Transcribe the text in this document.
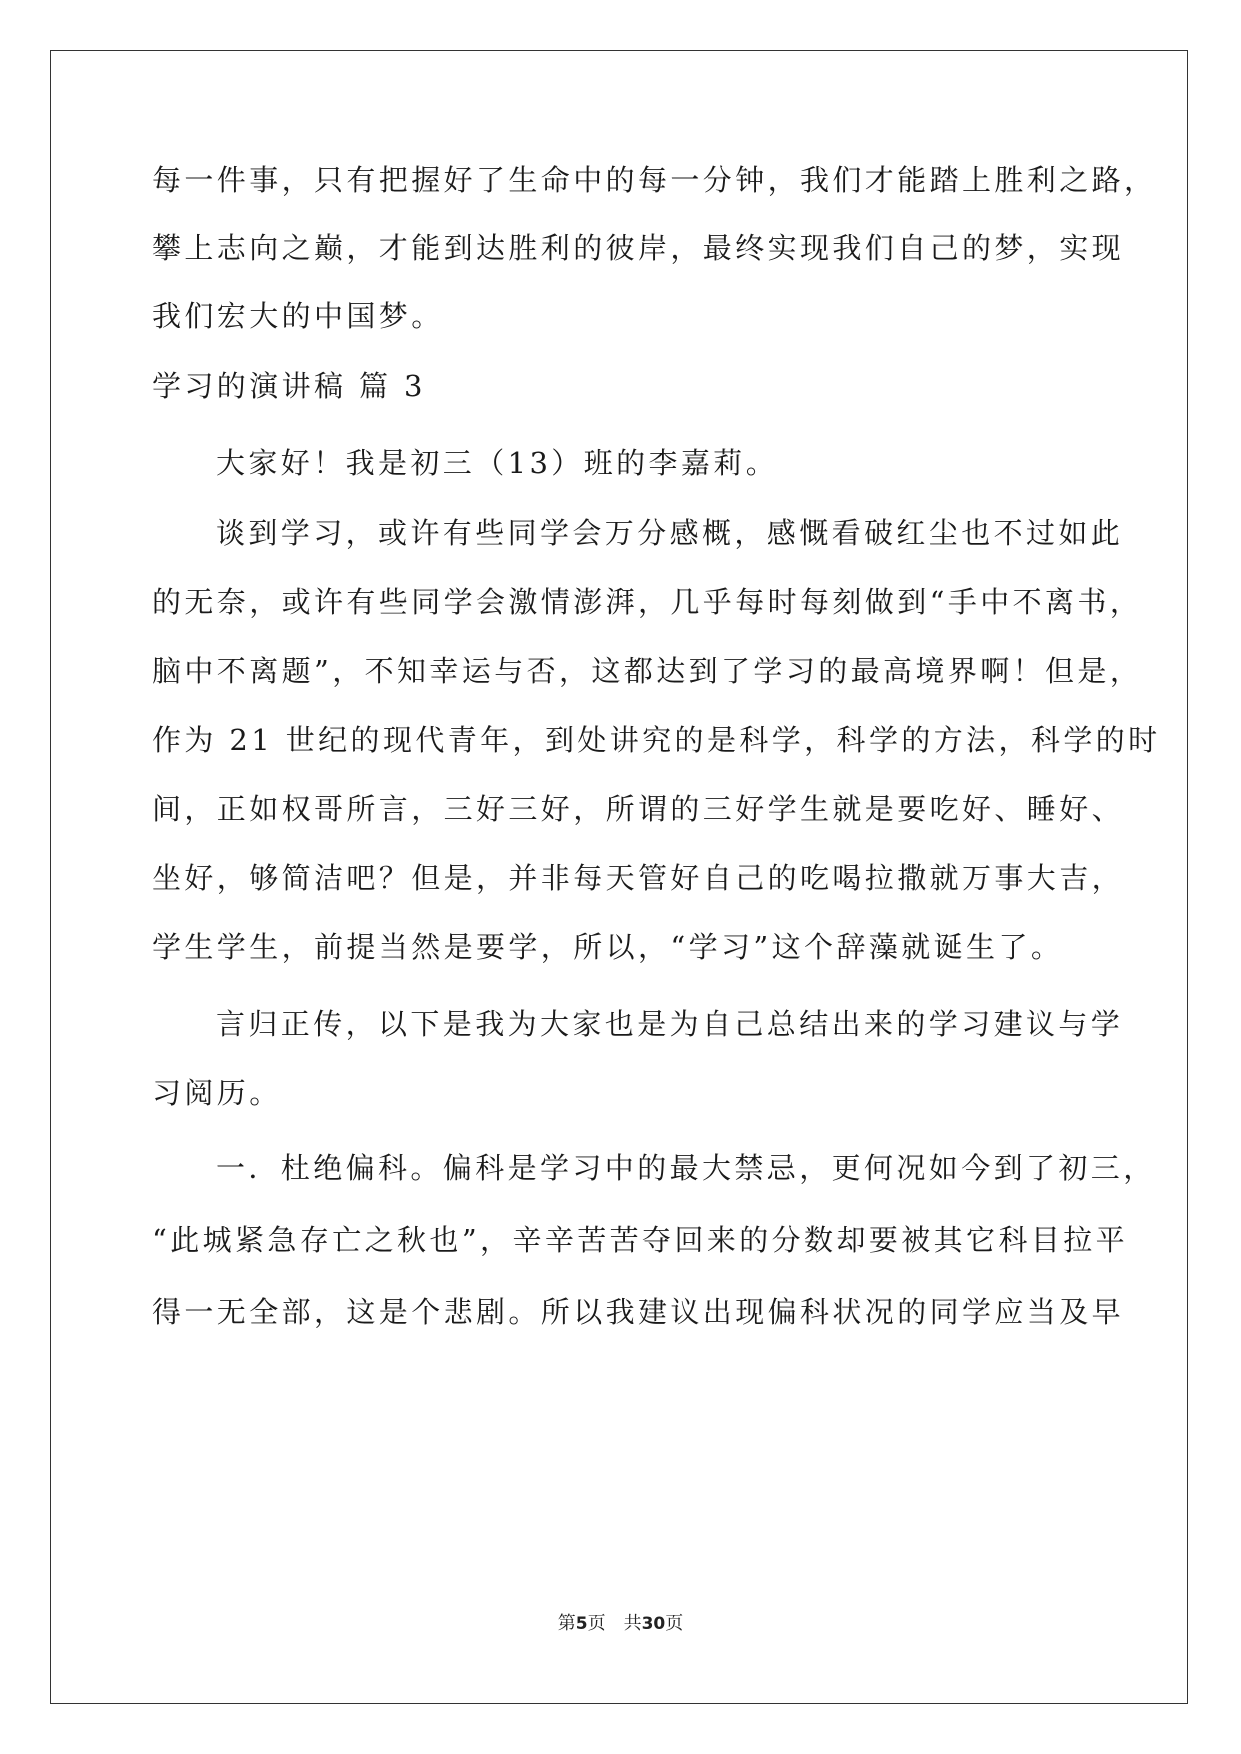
每一件事，只有把握好了生命中的每一分钟，我们才能踏上胜利之路，
攀上志向之巅，才能到达胜利的彼岸，最终实现我们自己的梦，实现
我们宏大的中国梦。
学习的演讲稿 篇 3
大家好！我是初三（13）班的李嘉莉。
谈到学习，或许有些同学会万分感概，感慨看破红尘也不过如此
的无奈，或许有些同学会激情澎湃，几乎每时每刻做到“手中不离书，
脑中不离题”，不知幸运与否，这都达到了学习的最高境界啊！但是，
作为 21 世纪的现代青年，到处讲究的是科学，科学的方法，科学的时
间，正如权哥所言，三好三好，所谓的三好学生就是要吃好、睡好、
坐好，够简洁吧？但是，并非每天管好自己的吃喝拉撒就万事大吉，
学生学生，前提当然是要学，所以，“学习”这个辞藻就诞生了。
言归正传，以下是我为大家也是为自己总结出来的学习建议与学
习阅历。
一．杜绝偏科。偏科是学习中的最大禁忌，更何况如今到了初三，
“此城紧急存亡之秋也”，辛辛苦苦夺回来的分数却要被其它科目拉平
得一无全部，这是个悲剧。所以我建议出现偏科状况的同学应当及早
第5页 共30页
